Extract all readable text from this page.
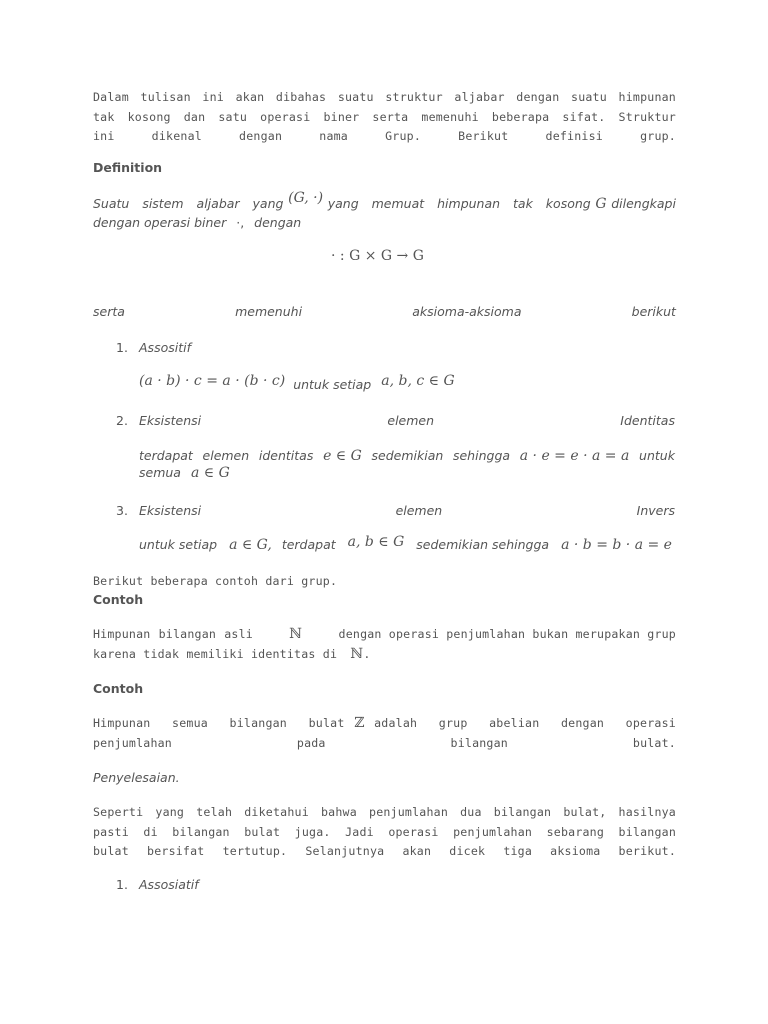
Dalam tulisan ini akan dibahas suatu struktur aljabar dengan suatu himpunan
tak kosong dan satu operasi biner serta memenuhi beberapa sifat. Struktur
ini dikenal dengan nama Grup. Berikut definisi grup.
Definition
Suatu sistem aljabar yang (G, ·) yang memuat himpunan tak kosong G dilengkapi
dengan operasi biner ·, dengan
· : G × G → G
serta	memenuhi	aksioma-aksioma	berikut
1. Assositif
(a · b) · c = a · (b · c) $_{untuk setiap}$ a, b, c ∈ G
2. Eksistensi	elemen	Identitas
terdapat elemen identitas e ∈ G sedemikian sehingga a · e = e · a = a untuk
semua a ∈ G
3. Eksistensi	elemen	Invers
untuk setiap a ∈ G, terdapat a, b ∈ G sedemikian sehingga a · b = b · a = e
Berikut beberapa contoh dari grup.
Contoh
Himpunan bilangan asli	ℕ	dengan operasi penjumlahan bukan merupakan grup
karena tidak memiliki identitas di ℕ.
Contoh
Himpunan semua bilangan bulat ℤ adalah grup abelian dengan operasi
penjumlahan	pada	bilangan	bulat.
Penyelesaian.
Seperti yang telah diketahui bahwa penjumlahan dua bilangan bulat, hasilnya
pasti di bilangan bulat juga. Jadi operasi penjumlahan sebarang bilangan
bulat bersifat tertutup. Selanjutnya akan dicek tiga aksioma berikut.
1. Assosiatif
